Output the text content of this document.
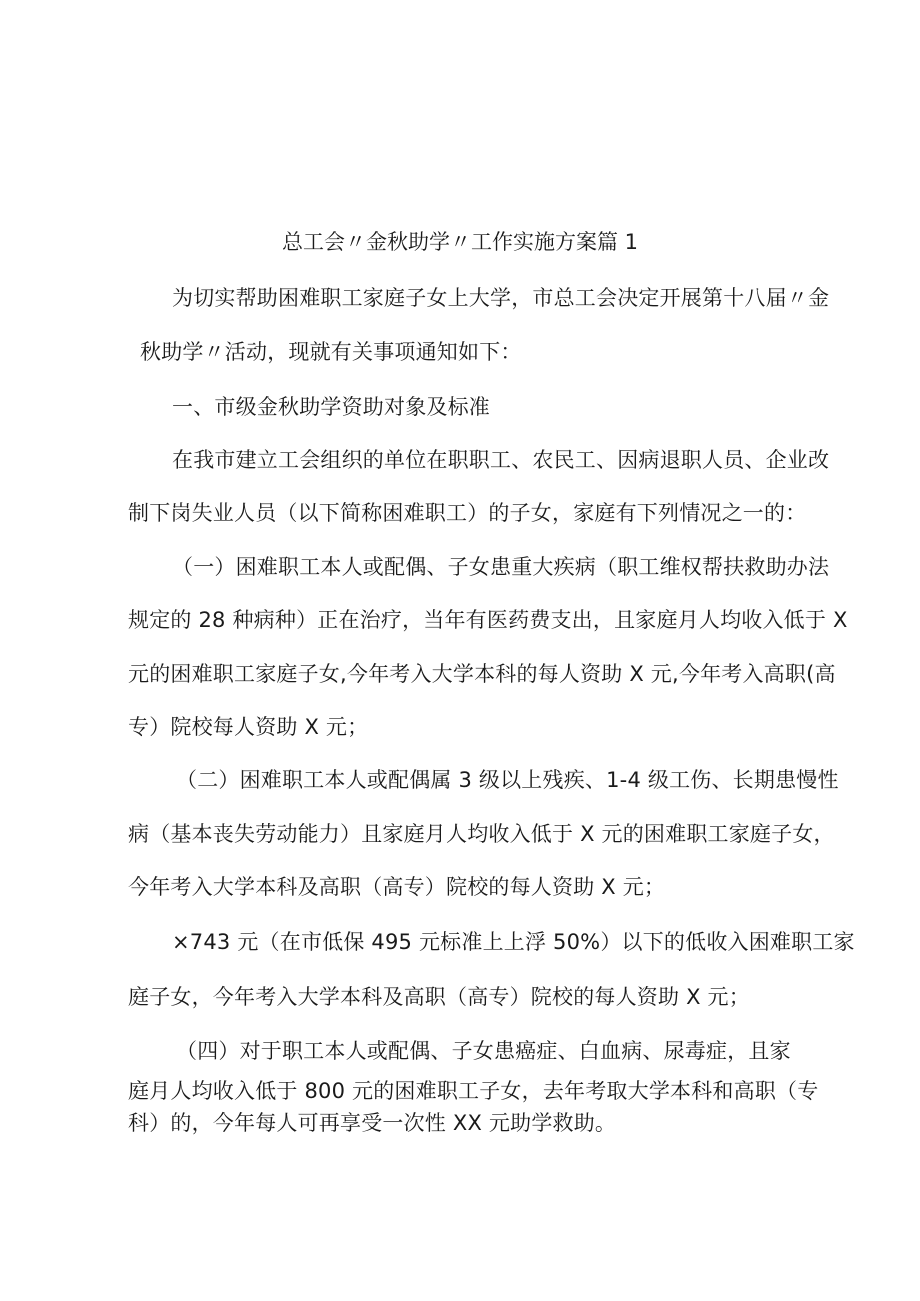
总工会〃金秋助学〃工作实施方案篇 1
为切实帮助困难职工家庭子女上大学，市总工会决定开展第十八届〃金
秋助学〃活动，现就有关事项通知如下：
一、市级金秋助学资助对象及标准
在我市建立工会组织的单位在职职工、农民工、因病退职人员、企业改
制下岗失业人员（以下简称困难职工）的子女，家庭有下列情况之一的：
（一）困难职工本人或配偶、子女患重大疾病（职工维权帮扶救助办法
规定的 28 种病种）正在治疗，当年有医药费支出，且家庭月人均收入低于 X
元的困难职工家庭子女,今年考入大学本科的每人资助 X 元,今年考入高职(高
专）院校每人资助 X 元；
（二）困难职工本人或配偶属 3 级以上残疾、1-4 级工伤、长期患慢性
病（基本丧失劳动能力）且家庭月人均收入低于 X 元的困难职工家庭子女，
今年考入大学本科及高职（高专）院校的每人资助 X 元；
×743 元（在市低保 495 元标准上上浮 50%）以下的低收入困难职工家
庭子女，今年考入大学本科及高职（高专）院校的每人资助 X 元；
（四）对于职工本人或配偶、子女患癌症、白血病、尿毒症，且家
庭月人均收入低于 800 元的困难职工子女，去年考取大学本科和高职（专
科）的，今年每人可再享受一次性 XX 元助学救助。
